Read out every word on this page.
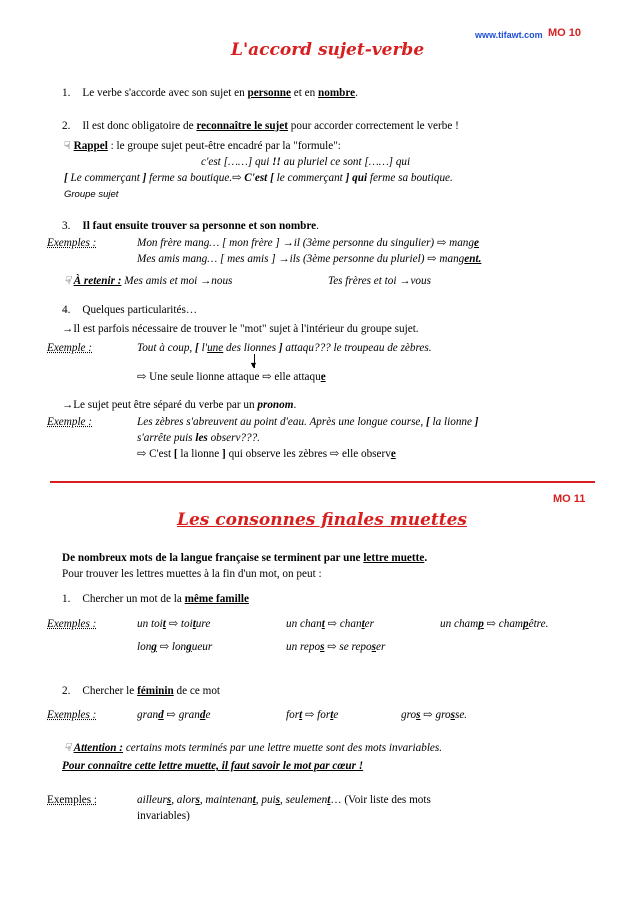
www.tifawt.com MO 10
L'accord sujet-verbe
1. Le verbe s'accorde avec son sujet en personne et en nombre.
2. Il est donc obligatoire de reconnaître le sujet pour accorder correctement le verbe !
☟ Rappel : le groupe sujet peut-être encadré par la "formule":
c'est [……] qui !! au pluriel ce sont [……] qui
[ Le commerçant ] ferme sa boutique.⇨ C'est [ le commerçant ] qui ferme sa boutique.
Groupe sujet
3. Il faut ensuite trouver sa personne et son nombre.
Exemples :	Mon frère mang… [ mon frère ] →il (3ème personne du singulier) ⇨ mange
Mes amis mang… [ mes amis ] →ils (3ème personne du pluriel) ⇨ mangent.
☟ À retenir : Mes amis et moi →nous	Tes frères et toi →vous
4. Quelques particularités…
→Il est parfois nécessaire de trouver le "mot" sujet à l'intérieur du groupe sujet.
Exemple :	Tout à coup, [ l'une des lionnes ] attaqu??? le troupeau de zèbres.
▼
⇨ Une seule lionne attaque ⇨ elle attaque
→Le sujet peut être séparé du verbe par un pronom.
Exemple :	Les zèbres s'abreuvent au point d'eau. Après une longue course, [ la lionne ]
s'arrête puis les observ???.
⇨ C'est [ la lionne ] qui observe les zèbres ⇨ elle observe
MO 11
Les consonnes finales muettes
De nombreux mots de la langue française se terminent par une lettre muette.
Pour trouver les lettres muettes à la fin d'un mot, on peut :
1. Chercher un mot de la même famille
Exemples :	un toit ⇨ toiture	un chant ⇨ chanter	un champ ⇨ champêtre.
long ⇨ longueur	un repos ⇨ se reposer
2. Chercher le féminin de ce mot
Exemples :	grand ⇨ grande	fort ⇨ forte	gros ⇨ grosse.
☟ Attention : certains mots terminés par une lettre muette sont des mots invariables.
Pour connaître cette lettre muette, il faut savoir le mot par cœur !
Exemples :	ailleurs, alors, maintenant, puis, seulement… (Voir liste des mots
invariables)
